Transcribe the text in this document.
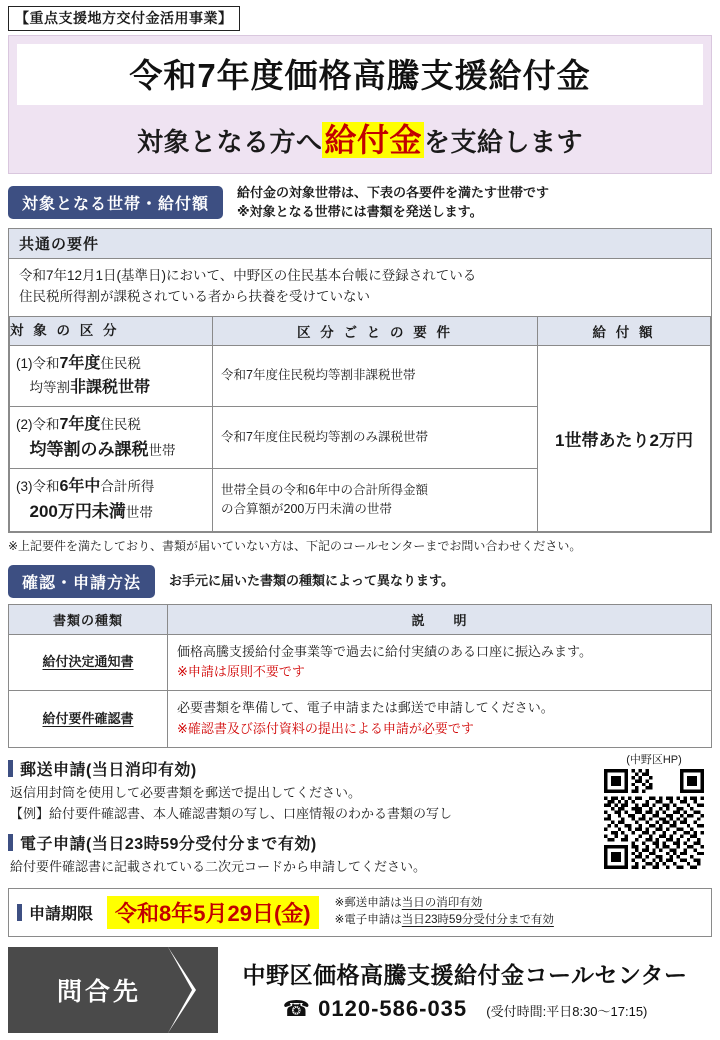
【重点支援地方交付金活用事業】
令和7年度価格高騰支援給付金
対象となる方へ給付金を支給します
対象となる世帯・給付額
給付金の対象世帯は、下表の各要件を満たす世帯です
※対象となる世帯には書類を発送します。
共通の要件
令和7年12月1日(基準日)において、中野区の住民基本台帳に登録されている
住民税所得割が課税されている者から扶養を受けていない
対 象 の 区 分	区 分 ご と の 要 件	給 付 額
(1)令和7年度住民税
　均等割非課税世帯	令和7年度住民税均等割非課税世帯	1世帯あたり2万円
(2)令和7年度住民税
　均等割のみ課税世帯	令和7年度住民税均等割のみ課税世帯	
(3)令和6年中合計所得
　200万円未満世帯	
世帯全員の令和6年中の合計所得金額
の合算額が200万円未満の世帯
※上記要件を満たしており、書類が届いていない方は、下記のコールセンターまでお問い合わせください。
確認・申請方法	お手元に届いた書類の種類によって異なります。
書類の種類	説　　明
給付決定通知書	価格高騰支援給付金事業等で過去に給付実績のある口座に振込みます。
※申請は原則不要です

給付要件確認書	必要書類を準備して、電子申請または郵送で申請してください。
※確認書及び添付資料の提出による申請が必要です
(中野区HP)
郵送申請(当日消印有効)
返信用封筒を使用して必要書類を郵送で提出してください。
【例】給付要件確認書、本人確認書類の写し、口座情報のわかる書類の写し
電子申請(当日23時59分受付分まで有効)
給付要件確認書に記載されている二次元コードから申請してください。
申請期限	令和8年5月29日(金)	※郵送申請は当日の消印有効
※電子申請は当日23時59分受付分まで有効
問合先
中野区価格高騰支援給付金コールセンター
☎ 0120-586-035 (受付時間:平日8:30～17:15)
